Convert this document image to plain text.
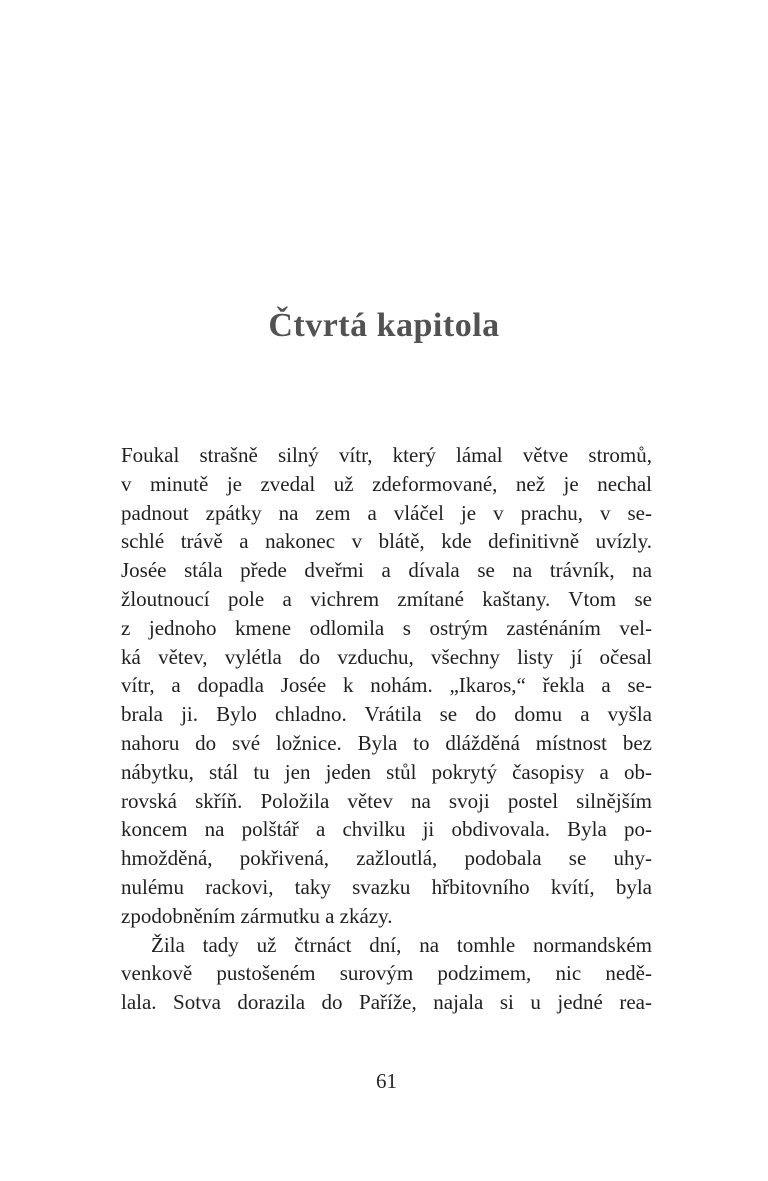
Čtvrtá kapitola
Foukal strašně silný vítr, který lámal větve stromů,
v minutě je zvedal už zdeformované, než je nechal
padnout zpátky na zem a vláčel je v prachu, v se-
schlé trávě a nakonec v blátě, kde definitivně uvízly.
Josée stála přede dveřmi a dívala se na trávník, na
žloutnoucí pole a vichrem zmítané kaštany. Vtom se
z jednoho kmene odlomila s ostrým zasténáním vel-
ká větev, vylétla do vzduchu, všechny listy jí očesal
vítr, a dopadla Josée k nohám. „Ikaros,“ řekla a se-
brala ji. Bylo chladno. Vrátila se do domu a vyšla
nahoru do své ložnice. Byla to dlážděná místnost bez
nábytku, stál tu jen jeden stůl pokrytý časopisy a ob-
rovská skříň. Položila větev na svoji postel silnějším
koncem na polštář a chvilku ji obdivovala. Byla po-
hmožděná, pokřivená, zažloutlá, podobala se uhy-
nulému rackovi, taky svazku hřbitovního kvítí, byla
zpodobněním zármutku a zkázy.
Žila tady už čtrnáct dní, na tomhle normandském
venkově pustošeném surovým podzimem, nic nedě-
lala. Sotva dorazila do Paříže, najala si u jedné rea-
61
